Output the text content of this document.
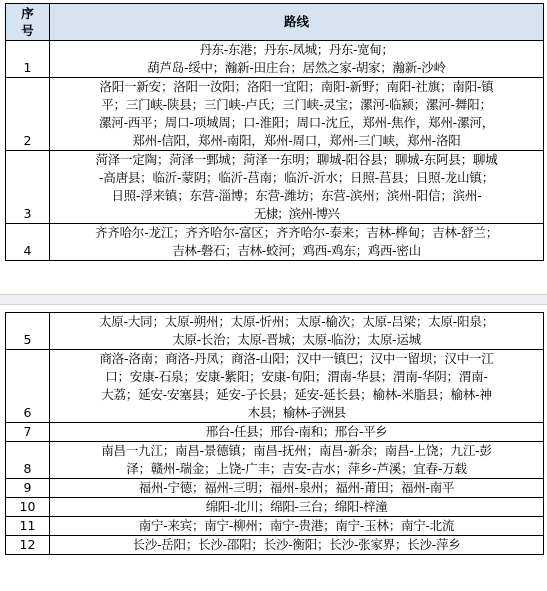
序号	路线
1	丹东-东港；丹东-凤城；丹东-宽甸；
葫芦岛-绥中；瀚新-田庄台；居然之家-胡家；瀚新-沙岭

2	洛阳一新安；洛阳一汝阳；洛阳一宜阳；南阳-新野；南阳-社旗；南阳-镇
平；三门峡-陕县；三门峡-卢氏；三门峡-灵宝；漯河-临颍；漯河-舞阳；
漯河-西平；周口-项城周；口-淮阳；周口-沈丘，郑州-焦作，郑州-漯河，
郑州-信阳，郑州-南阳，郑州-周口，郑州-三门峡，郑州-洛阳

3	菏泽一定陶；菏泽一鄄城；菏泽一东明；聊城-阳谷县；聊城-东阿县；聊城
-高唐县；临沂-蒙阴；临沂-莒南；临沂-沂水；日照-莒县；日照-龙山镇；
日照-浮来镇；东营-淄博；东营-潍坊；东营-滨州；滨州-阳信；滨州-
无棣；滨州-博兴

4	齐齐哈尔-龙江；齐齐哈尔-富区；齐齐哈尔-泰来；吉林-桦甸；吉林-舒兰；
吉林-磐石；吉林-蛟河；鸡西-鸡东；鸡西-密山
5	太原-大同；太原-朔州；太原-忻州；太原-榆次；太原-吕梁；太原-阳泉；
太原-长治；太原-晋城；太原-临汾；太原-运城

6	商洛-洛南；商洛-丹凤；商洛-山阳；汉中一镇巴；汉中一留坝；汉中一江
口；安康-石泉；安康-紫阳；安康-旬阳；渭南-华县；渭南-华阴；渭南-
大荔；延安-安塞县；延安-子长县；延安-延长县；榆林-米脂县；榆林-神
木县；榆林-子洲县

7	邢台-任县；邢台-南和；邢台-平乡

8	南昌一九江；南昌-景德镇；南昌-抚州；南昌-新余；南昌-上饶；九江-彭
泽；赣州-瑞金；上饶-广丰；吉安-吉水；萍乡-芦溪；宜春-万载

9	福州-宁德；福州-三明；福州-泉州；福州-莆田；福州-南平

10	绵阳-北川；绵阳-三台；绵阳-梓潼

11	南宁-来宾；南宁-柳州；南宁-贵港；南宁-玉林；南宁-北流

12	长沙-岳阳；长沙-邵阳；长沙-衡阳；长沙-张家界；长沙-萍乡
